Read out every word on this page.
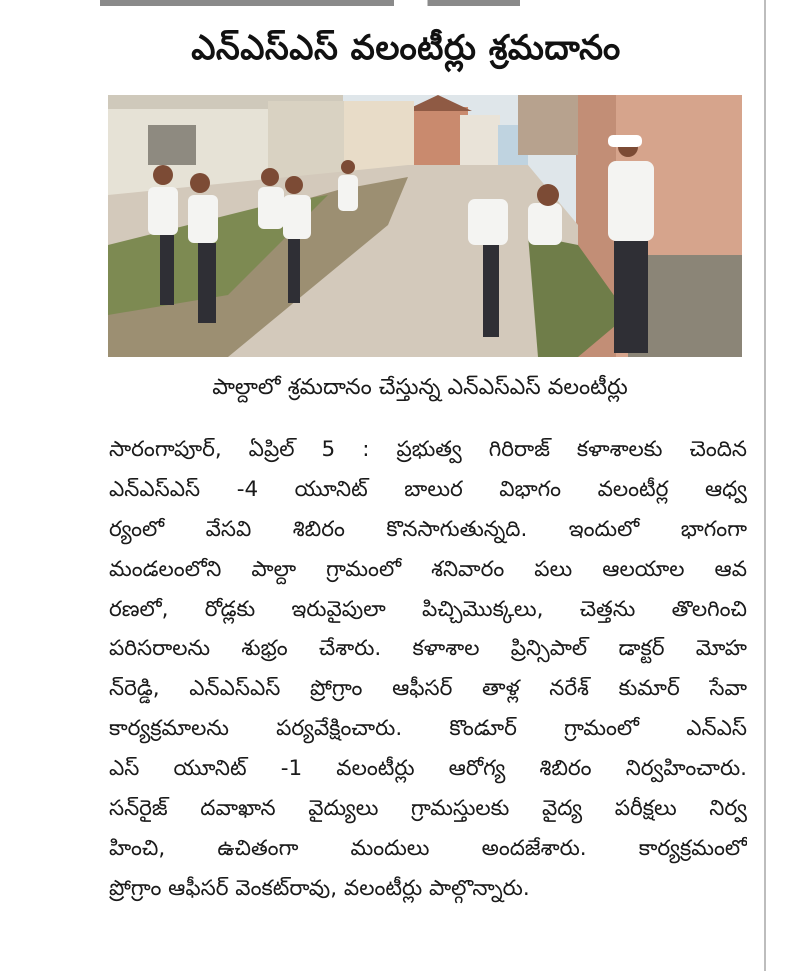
ఎన్‌ఎస్‌ఎస్ వలంటీర్లు శ్రమదానం
పాల్దాలో శ్రమదానం చేస్తున్న ఎన్ఎస్ఎస్ వలంటీర్లు
సారంగాపూర్, ఏప్రిల్ 5 : ప్రభుత్వ గిరిరాజ్ కళాశాలకు చెందిన
ఎన్ఎస్ఎస్ -4 యూనిట్ బాలుర విభాగం వలంటీర్ల ఆధ్వ
ర్యంలో వేసవి శిబిరం కొనసాగుతున్నది. ఇందులో భాగంగా
మండలంలోని పాల్దా గ్రామంలో శనివారం పలు ఆలయాల ఆవ
రణలో, రోడ్లకు ఇరువైపులా పిచ్చిమొక్కలు, చెత్తను తొలగించి
పరిసరాలను శుభ్రం చేశారు. కళాశాల ప్రిన్సిపాల్ డాక్టర్ మోహ
న్‌రెడ్డి, ఎన్ఎస్ఎస్ ప్రోగ్రాం ఆఫీసర్ తాళ్ల నరేశ్ కుమార్ సేవా
కార్యక్రమాలను పర్యవేక్షించారు. కొండూర్ గ్రామంలో ఎన్ఎస్
ఎస్ యూనిట్ -1 వలంటీర్లు ఆరోగ్య శిబిరం నిర్వహించారు.
సన్‌రైజ్ దవాఖాన వైద్యులు గ్రామస్తులకు వైద్య పరీక్షలు నిర్వ
హించి, ఉచితంగా మందులు అందజేశారు. కార్యక్రమంలో
ప్రోగ్రాం ఆఫీసర్ వెంకట్‌రావు, వలంటీర్లు పాల్గొన్నారు.
